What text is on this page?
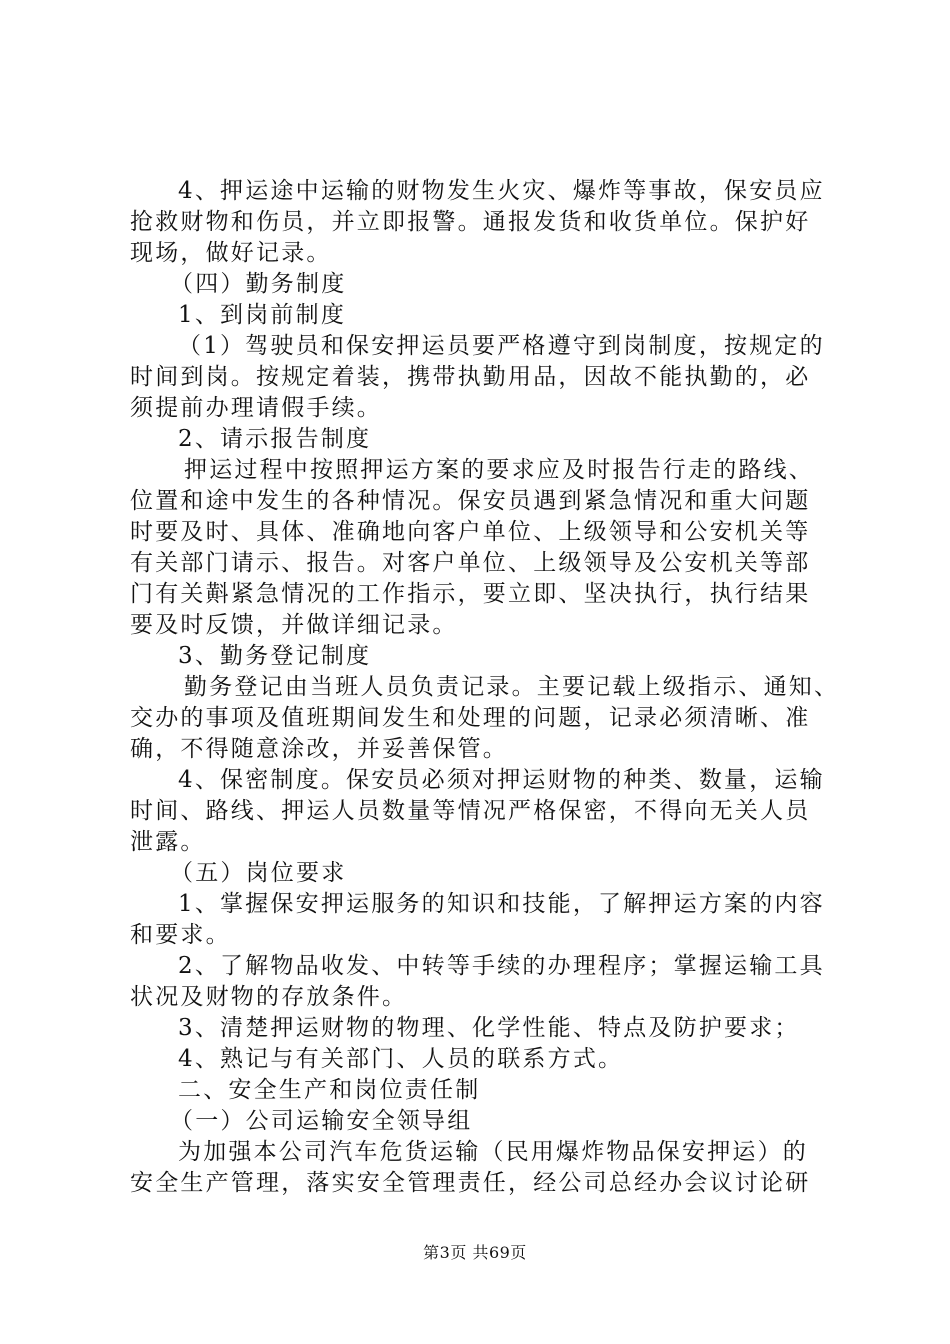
4、押运途中运输的财物发生火灾、爆炸等事故，保安员应
抢救财物和伤员，并立即报警。通报发货和收货单位。保护好
现场，做好记录。
（四）勤务制度
1、到岗前制度
（1）驾驶员和保安押运员要严格遵守到岗制度，按规定的
时间到岗。按规定着装，携带执勤用品，因故不能执勤的，必
须提前办理请假手续。
2、请示报告制度
押运过程中按照押运方案的要求应及时报告行走的路线、
位置和途中发生的各种情况。保安员遇到紧急情况和重大问题
时要及时、具体、准确地向客户单位、上级领导和公安机关等
有关部门请示、报告。对客户单位、上级领导及公安机关等部
门有关斢紧急情况的工作指示，要立即、坚决执行，执行结果
要及时反馈，并做详细记录。
3、勤务登记制度
勤务登记由当班人员负责记录。主要记载上级指示、通知、
交办的事项及值班期间发生和处理的问题，记录必须清晰、准
确，不得随意涂改，并妥善保管。
4、保密制度。保安员必须对押运财物的种类、数量，运输
时间、路线、押运人员数量等情况严格保密，不得向无关人员
泄露。
（五）岗位要求
1、掌握保安押运服务的知识和技能，了解押运方案的内容
和要求。
2、了解物品收发、中转等手续的办理程序；掌握运输工具
状况及财物的存放条件。
3、清楚押运财物的物理、化学性能、特点及防护要求；
4、熟记与有关部门、人员的联系方式。
二、安全生产和岗位责任制
（一）公司运输安全领导组
为加强本公司汽车危货运输（民用爆炸物品保安押运）的
安全生产管理，落实安全管理责任，经公司总经办会议讨论研
第3页 共69页
